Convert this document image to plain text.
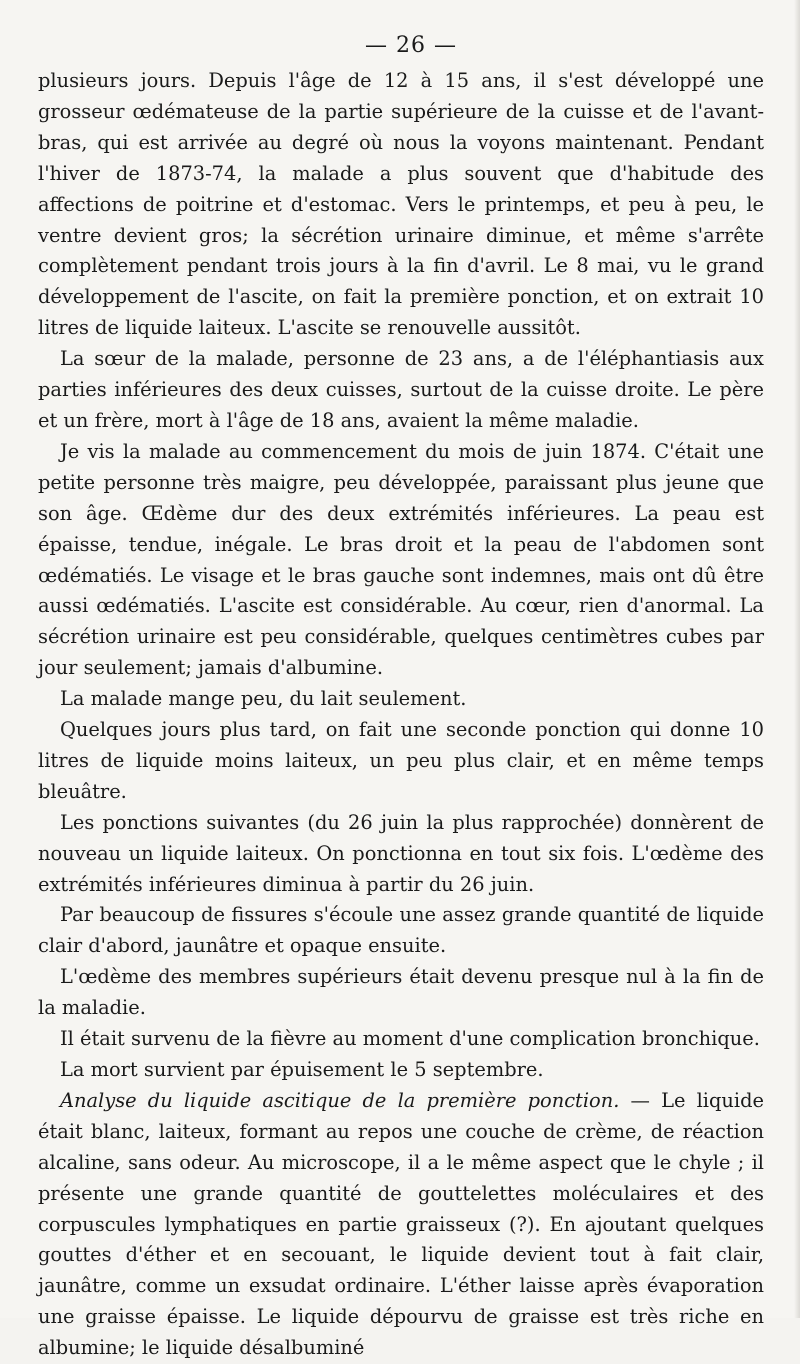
— 26 —

plusieurs jours. Depuis l'âge de 12 à 15 ans, il s'est développé une grosseur œdémateuse de la partie supérieure de la cuisse et de l'avant-bras, qui est arrivée au degré où nous la voyons maintenant. Pendant l'hiver de 1873-74, la malade a plus souvent que d'habitude des affections de poitrine et d'estomac. Vers le printemps, et peu à peu, le ventre devient gros; la sécrétion urinaire diminue, et même s'arrête complètement pendant trois jours à la fin d'avril. Le 8 mai, vu le grand développement de l'ascite, on fait la première ponction, et on extrait 10 litres de liquide laiteux. L'ascite se renouvelle aussitôt.

La sœur de la malade, personne de 23 ans, a de l'éléphantiasis aux parties inférieures des deux cuisses, surtout de la cuisse droite. Le père et un frère, mort à l'âge de 18 ans, avaient la même maladie.

Je vis la malade au commencement du mois de juin 1874. C'était une petite personne très maigre, peu développée, paraissant plus jeune que son âge. Œdème dur des deux extrémités inférieures. La peau est épaisse, tendue, inégale. Le bras droit et la peau de l'abdomen sont œdématiés. Le visage et le bras gauche sont indemnes, mais ont dû être aussi œdématiés. L'ascite est considérable. Au cœur, rien d'anormal. La sécrétion urinaire est peu considérable, quelques centimètres cubes par jour seulement; jamais d'albumine.

La malade mange peu, du lait seulement.

Quelques jours plus tard, on fait une seconde ponction qui donne 10 litres de liquide moins laiteux, un peu plus clair, et en même temps bleuâtre.

Les ponctions suivantes (du 26 juin la plus rapprochée) donnèrent de nouveau un liquide laiteux. On ponctionna en tout six fois. L'œdème des extrémités inférieures diminua à partir du 26 juin.

Par beaucoup de fissures s'écoule une assez grande quantité de liquide clair d'abord, jaunâtre et opaque ensuite.

L'œdème des membres supérieurs était devenu presque nul à la fin de la maladie.

Il était survenu de la fièvre au moment d'une complication bronchique.

La mort survient par épuisement le 5 septembre.

Analyse du liquide ascitique de la première ponction. — Le liquide était blanc, laiteux, formant au repos une couche de crème, de réaction alcaline, sans odeur. Au microscope, il a le même aspect que le chyle ; il présente une grande quantité de gouttelettes moléculaires et des corpuscules lymphatiques en partie graisseux (?). En ajoutant quelques gouttes d'éther et en secouant, le liquide devient tout à fait clair, jaunâtre, comme un exsudat ordinaire. L'éther laisse après évaporation une graisse épaisse. Le liquide dépourvu de graisse est très riche en albumine; le liquide désalbuminé
